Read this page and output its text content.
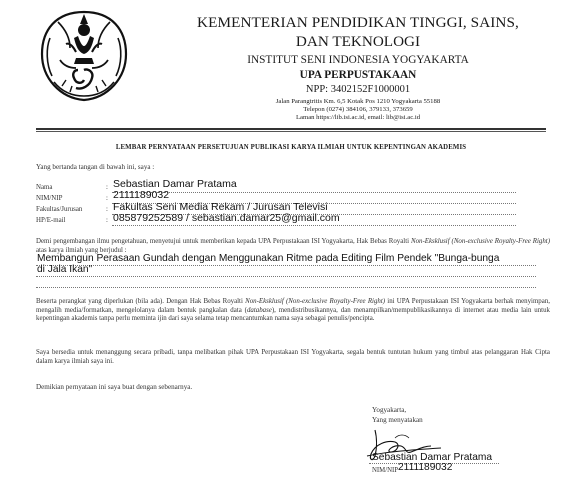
KEMENTERIAN PENDIDIKAN TINGGI, SAINS,
DAN TEKNOLOGI
INSTITUT SENI INDONESIA YOGYAKARTA
UPA PERPUSTAKAAN
NPP: 3402152F1000001
Jalan Parangtritis Km. 6,5 Kotak Pos 1210 Yogyakarta 55188
Telepon (0274) 384106, 379133, 373659
Laman https://lib.isi.ac.id, email: lib@isi.ac.id
LEMBAR PERNYATAAN PERSETUJUAN PUBLIKASI KARYA ILMIAH UNTUK KEPENTINGAN AKADEMIS
Yang bertanda tangan di bawah ini, saya :
Nama	: Sebastian Damar Pratama
NIM/NIP	: 2111189032
Fakultas/Jurusan	: Fakultas Seni Media Rekam / Jurusan Televisi
HP/E-mail	: 085879252589 / sebastian.damar25@gmail.com
Demi pengembangan ilmu pengetahuan, menyetujui untuk memberikan kepada UPA Perpustakaan ISI Yogyakarta, Hak Bebas Royalti Non-Eksklusif (Non-exclusive Royalty-Free Right) atas karya ilmiah yang berjudul :
Membangun Perasaan Gundah dengan Menggunakan Ritme pada Editing Film Pendek "Bunga-bunga
di Jala Ikan"
Beserta perangkat yang diperlukan (bila ada). Dengan Hak Bebas Royalti Non-Eksklusif (Non-exclusive Royalty-Free Right) ini UPA Perpustakaan ISI Yogyakarta berhak menyimpan, mengalih media/formatkan, mengelolanya dalam bentuk pangkalan data (database), mendistribusikannya, dan menampilkan/mempublikasikannya di internet atau media lain untuk kepentingan akademis tanpa perlu meminta ijin dari saya selama tetap mencantumkan nama saya sebagai penulis/pencipta.
Saya bersedia untuk menanggung secara pribadi, tanpa melibatkan pihak UPA Perpustakaan ISI Yogyakarta, segala bentuk tuntutan hukum yang timbul atas pelanggaran Hak Cipta dalam karya ilmiah saya ini.
Demikian pernyataan ini saya buat dengan sebenarnya.
Yogyakarta,
Yang menyatakan
Sebastian Damar Pratama
NIM/NIP 2111189032
